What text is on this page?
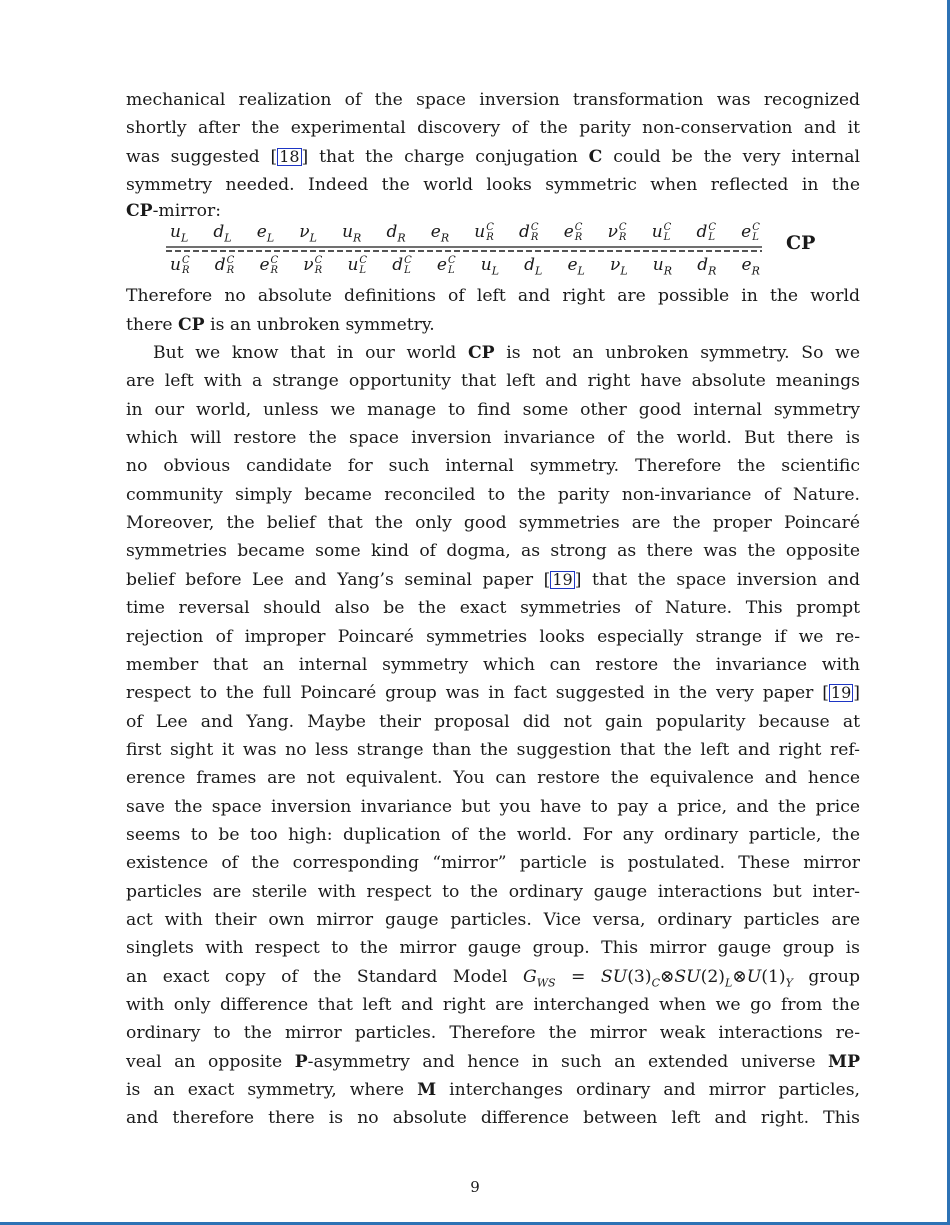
mechanical realization of the space inversion transformation was recognized
shortly after the experimental discovery of the parity non-conservation and it
was suggested [ 18 ] that the charge conjugation C could be the very internal
symmetry needed. Indeed the world looks symmetric when reflected in the
CP-mirror:
$u_L$ $d_L$ $e_L$ $\nu_L$ $u_R$ $d_R$ $e_R$ u C
R d C
R e C
R ν C
R u C
L d C
L e C
L
u C
R d C
R e C
R ν C
R u C
L d C
L e C
L $u_L$ $d_L$ $e_L$ $\nu_L$ $u_R$ $d_R$ $e_R$
CP
Therefore no absolute definitions of left and right are possible in the world
there CP is an unbroken symmetry.
But we know that in our world CP is not an unbroken symmetry. So we
are left with a strange opportunity that left and right have absolute meanings
in our world, unless we manage to find some other good internal symmetry
which will restore the space inversion invariance of the world. But there is
no obvious candidate for such internal symmetry. Therefore the scientific
community simply became reconciled to the parity non-invariance of Nature.
Moreover, the belief that the only good symmetries are the proper Poincaré
symmetries became some kind of dogma, as strong as there was the opposite
belief before Lee and Yang’s seminal paper [ 19 ] that the space inversion and
time reversal should also be the exact symmetries of Nature. This prompt
rejection of improper Poincaré symmetries looks especially strange if we re-
member that an internal symmetry which can restore the invariance with
respect to the full Poincaré group was in fact suggested in the very paper [ 19 ]
of Lee and Yang. Maybe their proposal did not gain popularity because at
first sight it was no less strange than the suggestion that the left and right ref-
erence frames are not equivalent. You can restore the equivalence and hence
save the space inversion invariance but you have to pay a price, and the price
seems to be too high: duplication of the world. For any ordinary particle, the
existence of the corresponding “mirror” particle is postulated. These mirror
particles are sterile with respect to the ordinary gauge interactions but inter-
act with their own mirror gauge particles. Vice versa, ordinary particles are
singlets with respect to the mirror gauge group. This mirror gauge group is
an exact copy of the Standard Model $G_{WS}$ = $SU(3)_C\otimes SU(2)_L\otimes U(1)_Y$ group
with only difference that left and right are interchanged when we go from the
ordinary to the mirror particles. Therefore the mirror weak interactions re-
veal an opposite P-asymmetry and hence in such an extended universe MP
is an exact symmetry, where M interchanges ordinary and mirror particles,
and therefore there is no absolute difference between left and right. This
9
